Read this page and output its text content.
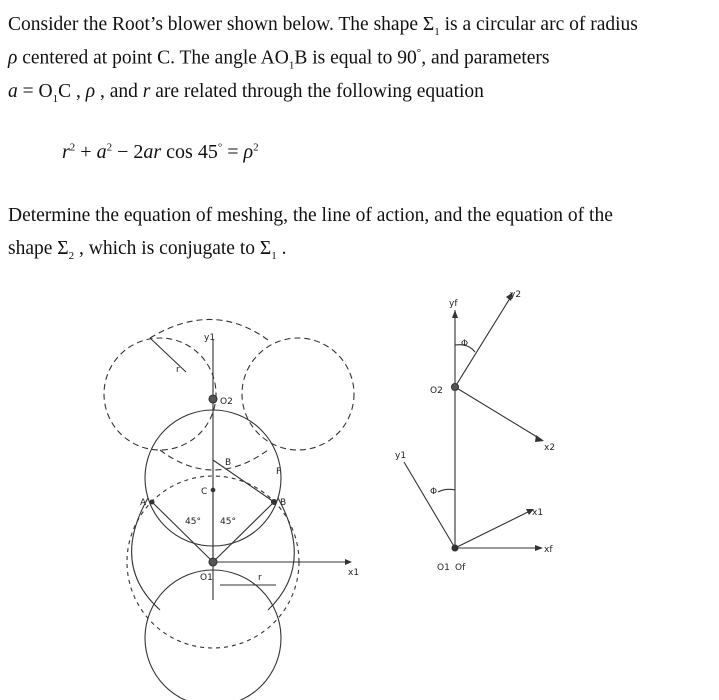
Consider the Root’s blower shown below. The shape $\Sigma_1$ is a circular arc of radius
ρ centered at point C. The angle $AO_1B$ is equal to 90°, and parameters
$a = O_1C$ , ρ , and r are related through the following equation
$r^2 + a^2 - 2ar$ $\cos 45^\circ = \rho^2$
Determine the equation of meshing, the line of action, and the equation of the
shape $\Sigma_2$ , which is conjugate to $\Sigma_1$ .
y1
O2
B
C
A	B
F
45° 45°
O1	x1
r
r
yf
y2
Φ
O2
x2
y1
Φ
x1
xf
O1 Of
